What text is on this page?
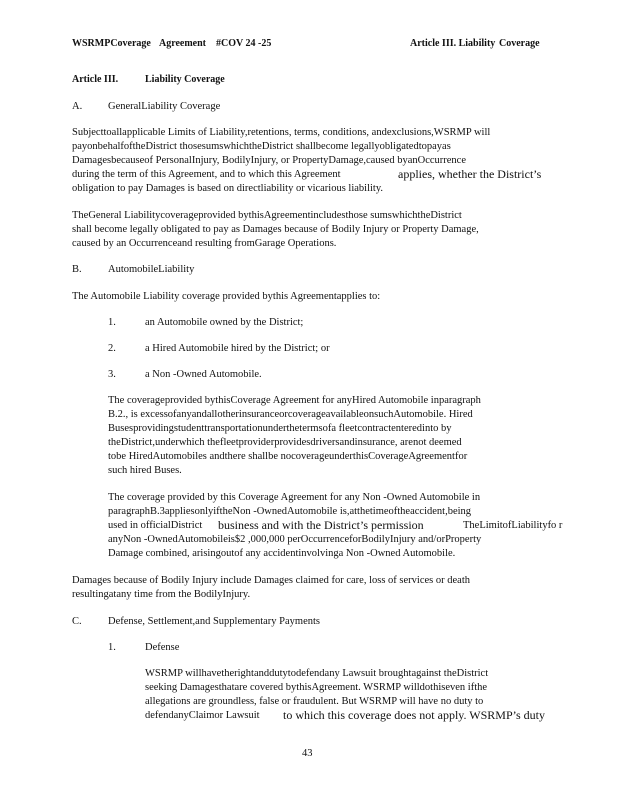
WSRMPCoverage Agreement #COV 24 -25	Article III. Liability Coverage
Article III.	Liability Coverage
A. GeneralLiability Coverage
Subjecttoallapplicable Limits of Liability,retentions, terms, conditions, andexclusions,WSRMP will
payonbehalfoftheDistrict thosesumswhichtheDistrict shallbecome legallyobligatedtopayas
Damagesbecauseof PersonalInjury, BodilyInjury, or PropertyDamage,caused byanOccurrence
during the term of this Agreement, and to which this Agreement	applies, whether the District’s
obligation to pay Damages is based on directliability or vicarious liability.
TheGeneral Liabilitycoverageprovided bythisAgreementincludesthose sumswhichtheDistrict
shall become legally obligated to pay as Damages because of Bodily Injury or Property Damage,
caused by an Occurrenceand resulting fromGarage Operations.
B.	AutomobileLiability
The Automobile Liability coverage provided bythis Agreementapplies to:
1.	an Automobile owned by the District;
2.	a Hired Automobile hired by the District; or
3.	a Non -Owned Automobile.
The coverageprovided bythisCoverage Agreement for anyHired Automobile inparagraph
B.2., is excessofanyandallotherinsuranceorcoverageavailableonsuchAutomobile. Hired
Busesprovidingstudenttransportationunderthetermsofa fleetcontractenteredinto by
theDistrict,underwhich thefleetproviderprovidesdriversandinsurance, arenot deemed
tobe HiredAutomobiles andthere shallbe nocoverageunderthisCoverageAgreementfor
such hired Buses.
The coverage provided by this Coverage Agreement for any Non -Owned Automobile in
paragraphB.3appliesonlyiftheNon -OwnedAutomobile is,atthetimeoftheaccident,being
used in officialDistrict business and with the District’s permission	TheLimitofLiabilityfo r
anyNon -OwnedAutomobileis$2 ,000,000 perOccurrenceforBodilyInjury and/orProperty
Damage combined, arisingoutof any accidentinvolvinga Non -Owned Automobile.
Damages because of Bodily Injury include Damages claimed for care, loss of services or death
resultingatany time from the BodilyInjury.
C.	Defense, Settlement,and Supplementary Payments
1.	Defense
WSRMP willhavetherightanddutytodefendany Lawsuit broughtagainst theDistrict
seeking Damagesthatare covered bythisAgreement. WSRMP willdothiseven ifthe
allegations are groundless, false or fraudulent. But WSRMP will have no duty to
defendanyClaimor Lawsuit to which this coverage does not apply. WSRMP’s duty
43
